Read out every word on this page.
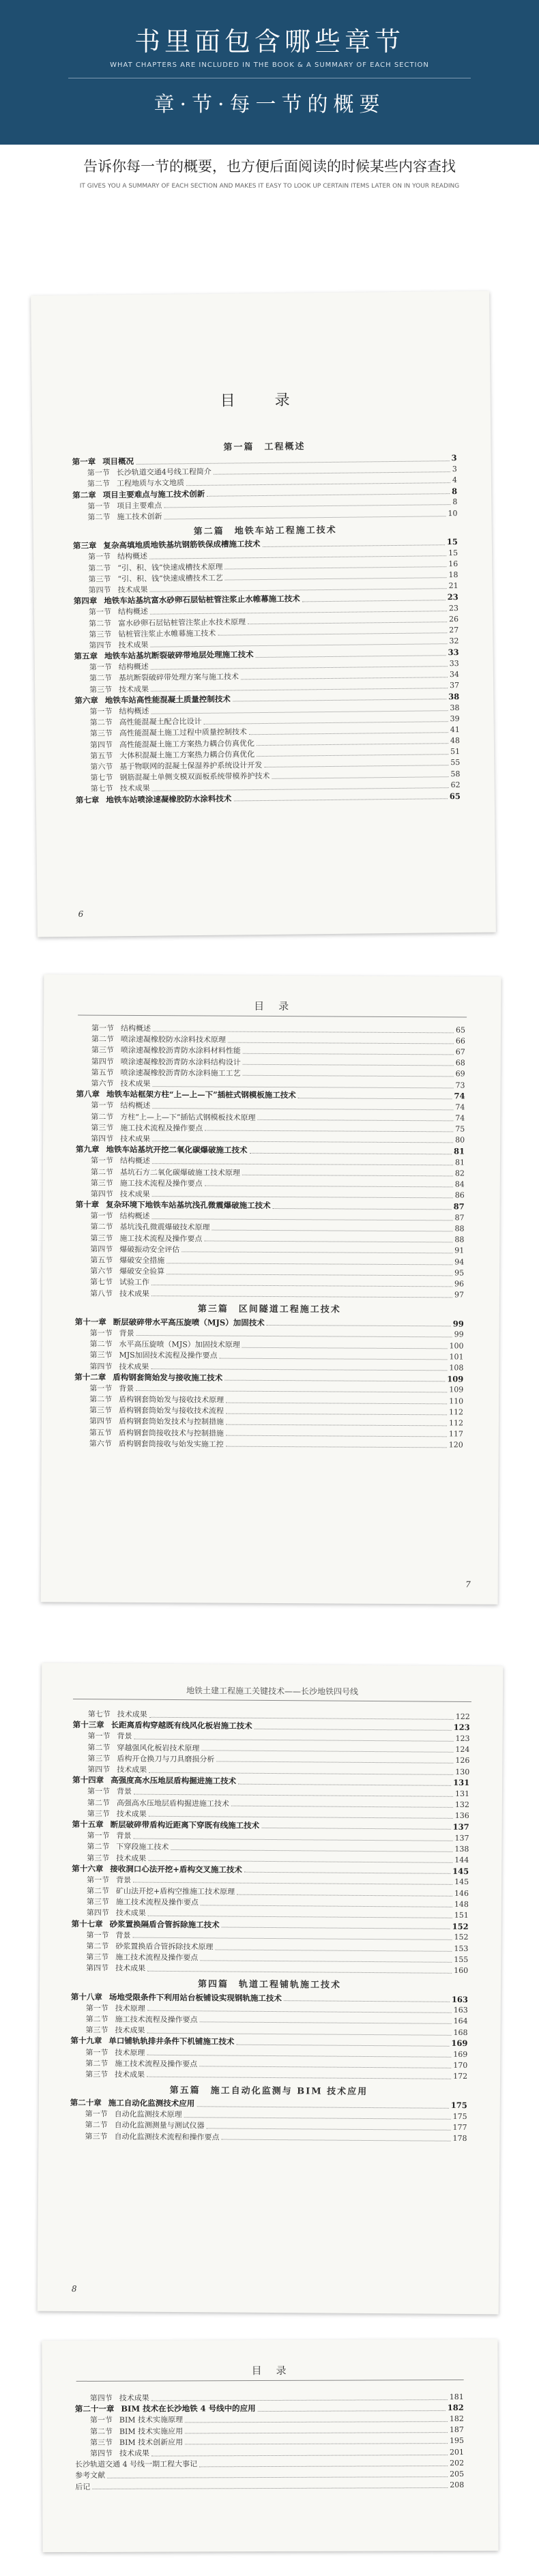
书里面包含哪些章节
WHAT CHAPTERS ARE INCLUDED IN THE BOOK & A SUMMARY OF EACH SECTION
章·节·每一节的概要
告诉你每一节的概要，也方便后面阅读的时候某些内容查找
IT GIVES YOU A SUMMARY OF EACH SECTION AND MAKES IT EASY TO LOOK UP CERTAIN ITEMS LATER ON IN YOUR READING
目　录
第一篇　工程概述
第一章 项目概况	3
第一节 长沙轨道交通4号线工程简介	3
第二节 工程地质与水文地质	4
第二章 项目主要难点与施工技术创新	8
第一节 项目主要难点	8
第二节 施工技术创新	10
第二篇　地铁车站工程施工技术
第三章 复杂高填地质地铁基坑钢筋铁保成槽施工技术	15
第一节 结构概述	15
第二节 “引、积、钱”快速成槽技术原理	16
第三节 “引、积、钱”快速成槽技术工艺	18
第四节 技术成果	21
第四章 地铁车站基坑富水砂卵石层钻桩管注浆止水帷幕施工技术	23
第一节 结构概述	23
第二节 富水砂卵石层钻桩管注浆止水技术原理	26
第三节 钻桩管注浆止水帷幕施工技术	27
第四节 技术成果	32
第五章 地铁车站基坑断裂破碎带地层处理施工技术	33
第一节 结构概述	33
第二节 基坑断裂破碎带处理方案与施工技术	34
第三节 技术成果	37
第六章 地铁车站高性能混凝土质量控制技术	38
第一节 结构概述	38
第二节 高性能混凝土配合比设计	39
第三节 高性能混凝土施工过程中质量控制技术	41
第四节 高性能混凝土施工方案热力耦合仿真优化	48
第五节 大体积混凝土施工方案热力耦合仿真优化	51
第六节 基于物联网的混凝土保湿养护系统设计开发	55
第七节 钢筋混凝土单侧支模双面板系统带模养护技术	58
第七节 技术成果	62
第七章 地铁车站喷涂速凝橡胶防水涂料技术	65
6
目　录
第一节 结构概述	65
第二节 喷涂速凝橡胶防水涂料技术原理	66
第三节 喷涂速凝橡胶沥青防水涂料材料性能	67
第四节 喷涂速凝橡胶沥青防水涂料结构设计	68
第五节 喷涂速凝橡胶沥青防水涂料施工工艺	69
第六节 技术成果	73
第八章 地铁车站框架方柱“上—上—下”插桩式钢模板施工技术	74
第一节 结构概述	74
第二节 方柱“上—上—下”插钻式钢模板技术原理	74
第三节 施工技术流程及操作要点	75
第四节 技术成果	80
第九章 地铁车站基坑开挖二氧化碳爆破施工技术	81
第一节 结构概述	81
第二节 基坑石方二氧化碳爆破施工技术原理	82
第三节 施工技术流程及操作要点	84
第四节 技术成果	86
第十章 复杂环境下地铁车站基坑浅孔微震爆破施工技术	87
第一节 结构概述	87
第二节 基坑浅孔微震爆破技术原理	88
第三节 施工技术流程及操作要点	88
第四节 爆破振动安全评估	91
第五节 爆破安全措施	94
第六节 爆破安全验算	95
第七节 试验工作	96
第八节 技术成果	97
第三篇　区间隧道工程施工技术
第十一章 断层破碎带水平高压旋喷（MJS）加固技术	99
第一节 背景	99
第二节 水平高压旋喷（MJS）加固技术原理	100
第三节 MJS加固技术流程及操作要点	101
第四节 技术成果	108
第十二章 盾构钢套筒始发与接收施工技术	109
第一节 背景	109
第二节 盾构钢套筒始发与接收技术原理	110
第三节 盾构钢套筒始发与接收技术流程	112
第四节 盾构钢套筒始发技术与控制措施	112
第五节 盾构钢套筒接收技术与控制措施	117
第六节 盾构钢套筒接收与始发实施工控	120
7
地铁土建工程施工关键技术——长沙地铁四号线
第七节 技术成果	122
第十三章 长距离盾构穿越既有线风化板岩施工技术	123
第一节 背景	123
第二节 穿越强风化板岩技术原理	124
第三节 盾构开仓换刀与刀具磨损分析	126
第四节 技术成果	130
第十四章 高强度高水压地层盾构掘进施工技术	131
第一节 背景	131
第二节 高强高水压地层盾构掘进施工技术	132
第三节 技术成果	136
第十五章 断层破碎带盾构近距离下穿既有线施工技术	137
第一节 背景	137
第二节 下穿段施工技术	138
第三节 技术成果	144
第十六章 接收洞口心法开挖+盾构交叉施工技术	145
第一节 背景	145
第二节 矿山法开挖+盾构空推施工技术原理	146
第三节 施工技术流程及操作要点	148
第四节 技术成果	151
第十七章 砂浆置换隔盾合管拆除施工技术	152
第一节 背景	152
第二节 砂浆置换盾合管拆除技术原理	153
第三节 施工技术流程及操作要点	155
第四节 技术成果	160
第四篇　轨道工程铺轨施工技术
第十八章 场地受限条件下利用站台板铺设实现钢轨施工技术	163
第一节 技术原理	163
第二节 施工技术流程及操作要点	164
第三节 技术成果	168
第十九章 单口铺轨轨排井条件下机铺施工技术	169
第一节 技术原理	169
第二节 施工技术流程及操作要点	170
第三节 技术成果	172
第五篇　施工自动化监测与 BIM 技术应用
第二十章 施工自动化监测技术应用	175
第一节 自动化监测技术原理	175
第二节 自动化监测测量与测试仪器	177
第三节 自动化监测技术流程和操作要点	178
8
目　录
第四节 技术成果	181
第二十一章 BIM 技术在长沙地铁 4 号线中的应用	182
第一节 BIM 技术实施原理	182
第二节 BIM 技术实施应用	187
第三节 BIM 技术创新应用	195
第四节 技术成果	201
长沙轨道交通 4 号线一期工程大事记	202
参考文献	205
后记	208
